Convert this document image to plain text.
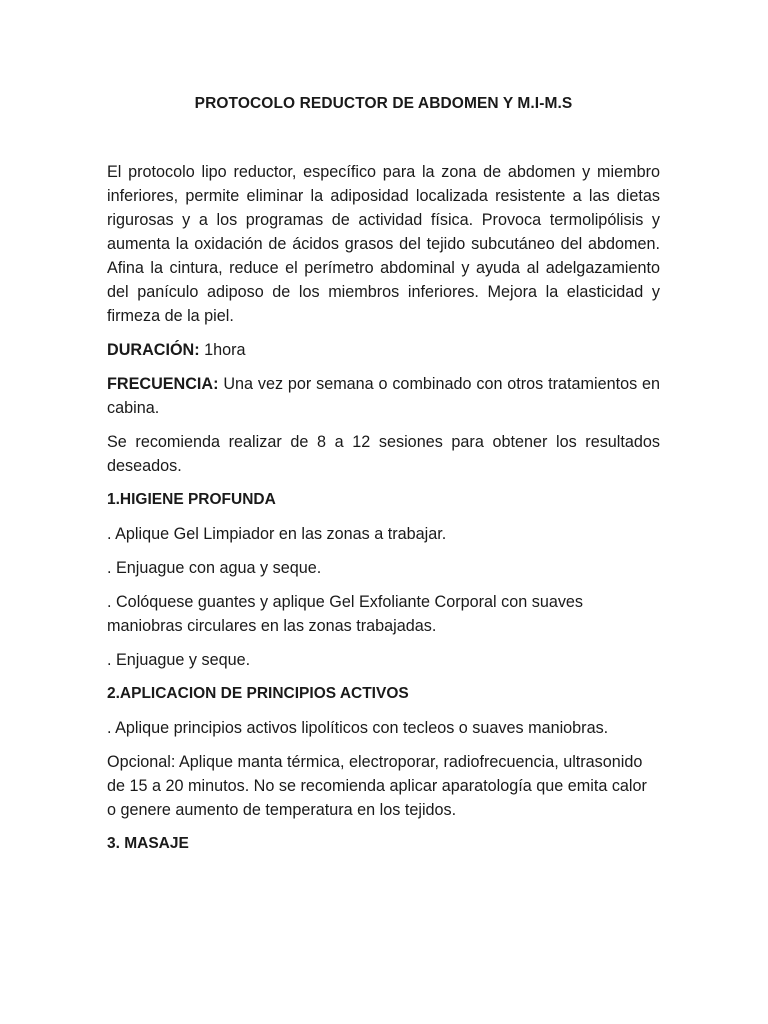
PROTOCOLO REDUCTOR DE ABDOMEN Y M.I-M.S

El protocolo lipo reductor, específico para la zona de abdomen y miembro inferiores, permite eliminar la adiposidad localizada resistente a las dietas rigurosas y a los programas de actividad física. Provoca termolipólisis y aumenta la oxidación de ácidos grasos del tejido subcutáneo del abdomen. Afina la cintura, reduce el perímetro abdominal y ayuda al adelgazamiento del panículo adiposo de los miembros inferiores. Mejora la elasticidad y firmeza de la piel.

DURACIÓN: 1hora

FRECUENCIA: Una vez por semana o combinado con otros tratamientos en cabina.

Se recomienda realizar de 8 a 12 sesiones para obtener los resultados deseados.

1.HIGIENE PROFUNDA

. Aplique Gel Limpiador en las zonas a trabajar.

. Enjuague con agua y seque.

. Colóquese guantes y aplique Gel Exfoliante Corporal con suaves maniobras circulares en las zonas trabajadas.

. Enjuague y seque.

2.APLICACION DE PRINCIPIOS ACTIVOS

. Aplique principios activos lipolíticos con tecleos o suaves maniobras.

Opcional: Aplique manta térmica, electroporar, radiofrecuencia, ultrasonido de 15 a 20 minutos. No se recomienda aplicar aparatología que emita calor o genere aumento de temperatura en los tejidos.

3. MASAJE
